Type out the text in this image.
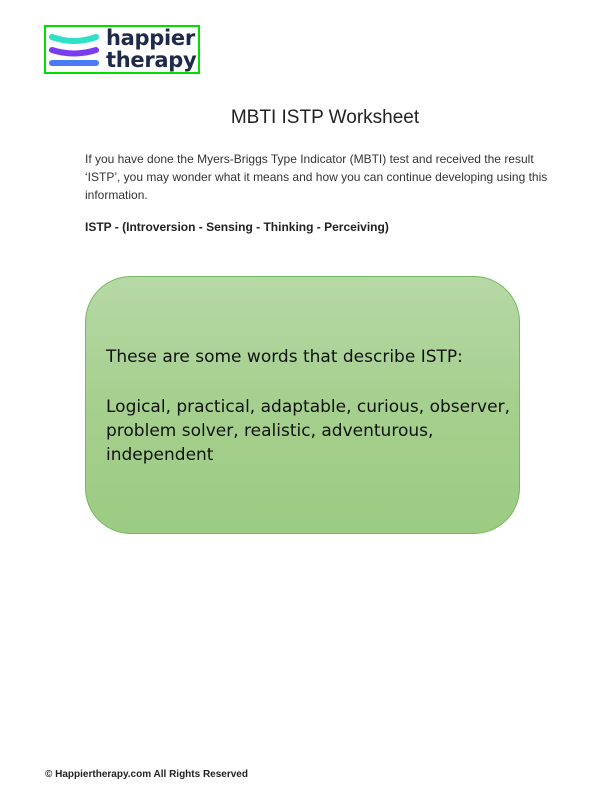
happier
therapy
MBTI ISTP Worksheet
If you have done the Myers-Briggs Type Indicator (MBTI) test and received the result ‘ISTP’, you may wonder what it means and how you can continue developing using this information.
ISTP - (Introversion - Sensing - Thinking - Perceiving)
These are some words that describe ISTP:
Logical, practical, adaptable, curious, observer, problem solver, realistic, adventurous, independent
© Happiertherapy.com All Rights Reserved
